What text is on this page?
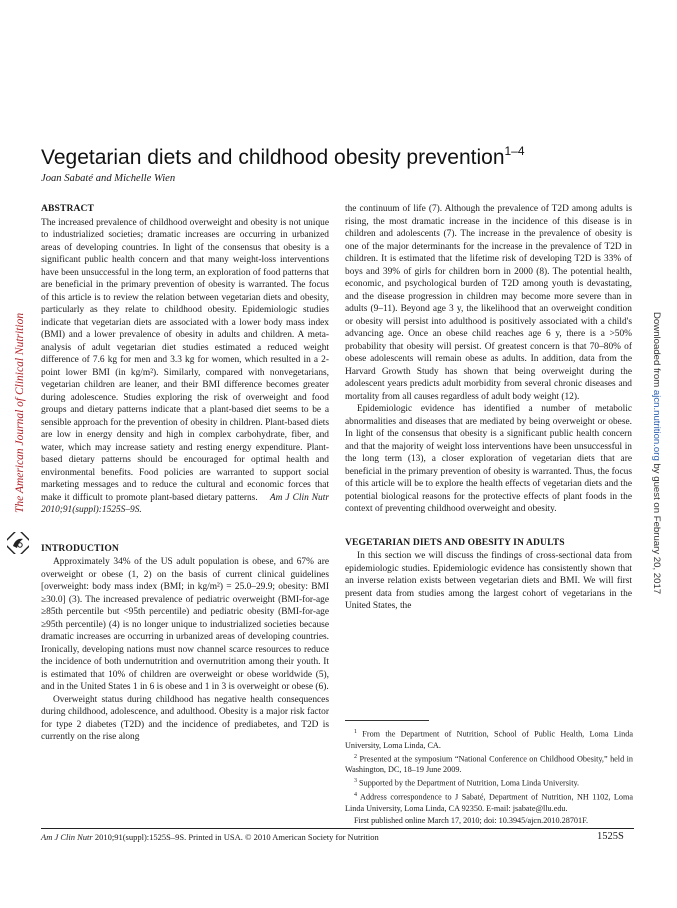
Vegetarian diets and childhood obesity prevention$^{1-4}$
Joan Sabaté and Michelle Wien
ABSTRACT

The increased prevalence of childhood overweight and obesity is not unique to industrialized societies; dramatic increases are occurring in urbanized areas of developing countries. In light of the consensus that obesity is a significant public health concern and that many weight-loss interventions have been unsuccessful in the long term, an exploration of food patterns that are beneficial in the primary prevention of obesity is warranted. The focus of this article is to review the relation between vegetarian diets and obesity, particularly as they relate to childhood obesity. Epidemiologic studies indicate that vegetarian diets are associated with a lower body mass index (BMI) and a lower prevalence of obesity in adults and children. A meta-analysis of adult vegetarian diet studies estimated a reduced weight difference of 7.6 kg for men and 3.3 kg for women, which resulted in a 2-point lower BMI (in kg/m²). Similarly, compared with nonvegetarians, vegetarian children are leaner, and their BMI difference becomes greater during adolescence. Studies exploring the risk of overweight and food groups and dietary patterns indicate that a plant-based diet seems to be a sensible approach for the prevention of obesity in children. Plant-based diets are low in energy density and high in complex carbohydrate, fiber, and water, which may increase satiety and resting energy expenditure. Plant-based dietary patterns should be encouraged for optimal health and environmental benefits. Food policies are warranted to support social marketing messages and to reduce the cultural and economic forces that make it difficult to promote plant-based dietary patterns. Am J Clin Nutr 2010;91(suppl):1525S–9S.

INTRODUCTION

Approximately 34% of the US adult population is obese, and 67% are overweight or obese (1, 2) on the basis of current clinical guidelines [overweight: body mass index (BMI; in kg/m²) = 25.0–29.9; obesity: BMI ≥30.0] (3). The increased prevalence of pediatric overweight (BMI-for-age ≥85th percentile but <95th percentile) and pediatric obesity (BMI-for-age ≥95th percentile) (4) is no longer unique to industrialized societies because dramatic increases are occurring in urbanized areas of developing countries. Ironically, developing nations must now channel scarce resources to reduce the incidence of both undernutrition and overnutrition among their youth. It is estimated that 10% of children are overweight or obese worldwide (5), and in the United States 1 in 6 is obese and 1 in 3 is overweight or obese (6).

Overweight status during childhood has negative health consequences during childhood, adolescence, and adulthood. Obesity is a major risk factor for type 2 diabetes (T2D) and the incidence of prediabetes, and T2D is currently on the rise along

the continuum of life (7). Although the prevalence of T2D among adults is rising, the most dramatic increase in the incidence of this disease is in children and adolescents (7). The increase in the prevalence of obesity is one of the major determinants for the increase in the prevalence of T2D in children. It is estimated that the lifetime risk of developing T2D is 33% of boys and 39% of girls for children born in 2000 (8). The potential health, economic, and psychological burden of T2D among youth is devastating, and the disease progression in children may become more severe than in adults (9–11). Beyond age 3 y, the likelihood that an overweight condition or obesity will persist into adulthood is positively associated with a child's advancing age. Once an obese child reaches age 6 y, there is a >50% probability that obesity will persist. Of greatest concern is that 70–80% of obese adolescents will remain obese as adults. In addition, data from the Harvard Growth Study has shown that being overweight during the adolescent years predicts adult morbidity from several chronic diseases and mortality from all causes regardless of adult body weight (12).

Epidemiologic evidence has identified a number of metabolic abnormalities and diseases that are mediated by being overweight or obese. In light of the consensus that obesity is a significant public health concern and that the majority of weight loss interventions have been unsuccessful in the long term (13), a closer exploration of vegetarian diets that are beneficial in the primary prevention of obesity is warranted. Thus, the focus of this article will be to explore the health effects of vegetarian diets and the potential biological reasons for the protective effects of plant foods in the context of preventing childhood overweight and obesity.

VEGETARIAN DIETS AND OBESITY IN ADULTS

In this section we will discuss the findings of cross-sectional data from epidemiologic studies. Epidemiologic evidence has consistently shown that an inverse relation exists between vegetarian diets and BMI. We will first present data from studies among the largest cohort of vegetarians in the United States, the

$^1$ From the Department of Nutrition, School of Public Health, Loma Linda University, Loma Linda, CA.

$^2$ Presented at the symposium “National Conference on Childhood Obesity,” held in Washington, DC, 18–19 June 2009.

$^3$ Supported by the Department of Nutrition, Loma Linda University.

$^4$ Address correspondence to J Sabaté, Department of Nutrition, NH 1102, Loma Linda University, Loma Linda, CA 92350. E-mail: jsabate@llu.edu.

First published online March 17, 2010; doi: 10.3945/ajcn.2010.28701F.

Am J Clin Nutr 2010;91(suppl):1525S–9S. Printed in USA. © 2010 American Society for Nutrition	1525S
The American Journal of Clinical Nutrition	Downloaded from ajcn.nutrition.org by guest on February 20, 2017
